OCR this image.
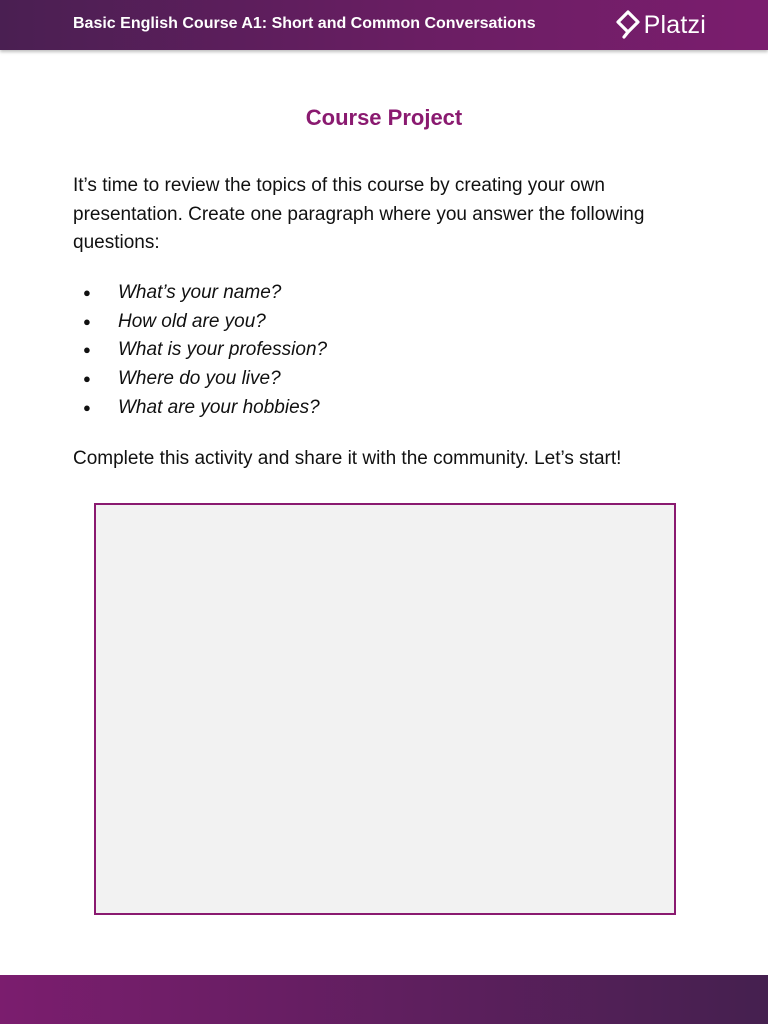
Basic English Course A1: Short and Common Conversations	Platzi
Course Project

It’s time to review the topics of this course by creating your own presentation. Create one paragraph where you answer the following questions:

● What’s your name?
● How old are you?
● What is your profession?
● Where do you live?
● What are your hobbies?

Complete this activity and share it with the community. Let’s start!
